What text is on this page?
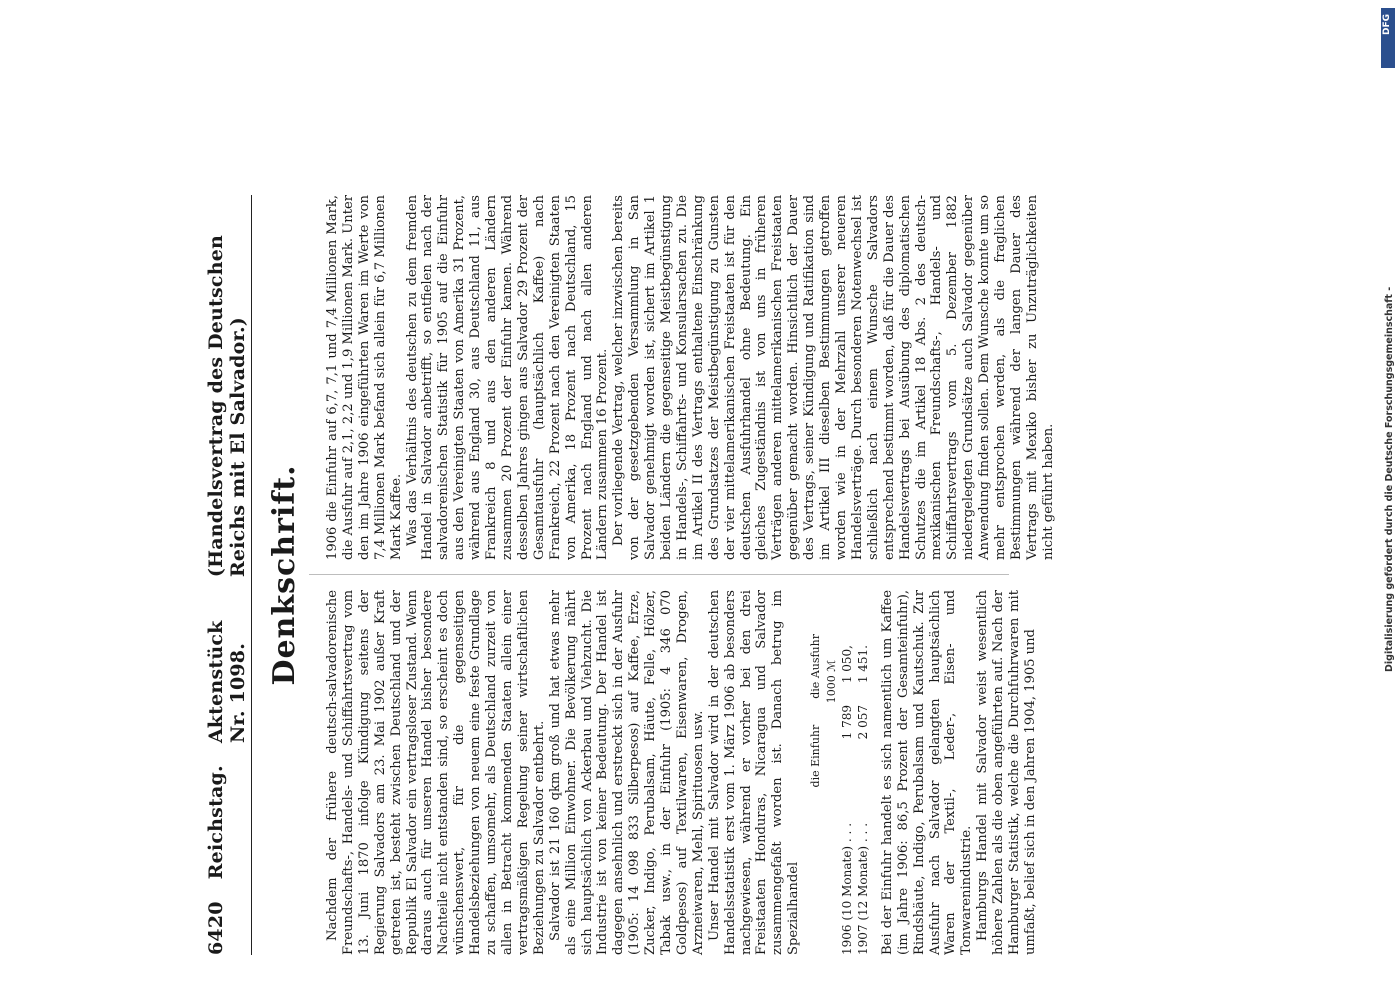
6420
Reichstag.
Aktenstück Nr. 1098.
(Handelsvertrag des Deutschen Reichs mit El Salvador.) Denkschrift.

Nachdem der frühere deutsch-salvadorenische Freundschafts-, Handels- und Schiffahrtsvertrag vom 13. Juni 1870 infolge Kündigung seitens der Regierung Salvadors am 23. Mai 1902 außer Kraft getreten ist, besteht zwischen Deutschland und der Republik El Salvador ein vertragsloser Zustand. Wenn daraus auch für unseren Handel bisher besondere Nachteile nicht entstanden sind, so erscheint es doch wünschenswert, für die gegenseitigen Handelsbeziehungen von neuem eine feste Grundlage zu schaffen, umsomehr, als Deutschland zurzeit von allen in Betracht kommenden Staaten allein einer vertragsmäßigen Regelung seiner wirtschaftlichen Beziehungen zu Salvador entbehrt. Salvador ist 21 160 qkm groß und hat etwas mehr als eine Million Einwohner. Die Bevölkerung nährt sich hauptsächlich von Ackerbau und Viehzucht. Die Industrie ist von keiner Bedeutung. Der Handel ist dagegen ansehnlich und erstreckt sich in der Ausfuhr (1905: 14 098 833 Silberpesos) auf Kaffee, Erze, Zucker, Indigo, Perubalsam, Häute, Felle, Hölzer, Tabak usw., in der Einfuhr (1905: 4 346 070 Goldpesos) auf Textilwaren, Eisenwaren, Drogen, Arzneiwaren, Mehl, Spirituosen usw. Unser Handel mit Salvador wird in der deutschen Handelsstatistik erst vom 1. März 1906 ab besonders nachgewiesen, während er vorher bei den drei Freistaaten Honduras, Nicaragua und Salvador zusammengefaßt worden ist. Danach betrug im Spezialhandel

die Einfuhr
die Ausfuhr 1000 ℳ
1906 (10 Monate) . . .
1 789
1 050,
1907 (12 Monate) . . .
2 057
1 451. Bei der Einfuhr handelt es sich namentlich um Kaffee (im Jahre 1906: 86,5 Prozent der Gesamteinfuhr), Rindshäute, Indigo, Perubalsam und Kautschuk. Zur Ausfuhr nach Salvador gelangten hauptsächlich Waren der Textil-, Leder-, Eisen- und Tonwarenindustrie. Hamburgs Handel mit Salvador weist wesentlich höhere Zahlen als die oben angeführten auf. Nach der Hamburger Statistik, welche die Durchfuhrwaren mit umfaßt, belief sich in den Jahren 1904, 1905 und

1906 die Einfuhr auf 6,7, 7,1 und 7,4 Millionen Mark, die Ausfuhr auf 2,1, 2,2 und 1,9 Millionen Mark. Unter den im Jahre 1906 eingeführten Waren im Werte von 7,4 Millionen Mark befand sich allein für 6,7 Millionen Mark Kaffee. Was das Verhältnis des deutschen zu dem fremden Handel in Salvador anbetrifft, so entfielen nach der salvadorenischen Statistik für 1905 auf die Einfuhr aus den Vereinigten Staaten von Amerika 31 Prozent, während aus England 30, aus Deutschland 11, aus Frankreich 8 und aus den anderen Ländern zusammen 20 Prozent der Einfuhr kamen. Während desselben Jahres gingen aus Salvador 29 Prozent der Gesamtausfuhr (hauptsächlich Kaffee) nach Frankreich, 22 Prozent nach den Vereinigten Staaten von Amerika, 18 Prozent nach Deutschland, 15 Prozent nach England und nach allen anderen Ländern zusammen 16 Prozent. Der vorliegende Vertrag, welcher inzwischen bereits von der gesetzgebenden Versammlung in San Salvador genehmigt worden ist, sichert im Artikel 1 beiden Ländern die gegenseitige Meistbegünstigung in Handels-, Schiffahrts- und Konsularsachen zu. Die im Artikel II des Vertrags enthaltene Einschränkung des Grundsatzes der Meistbegünstigung zu Gunsten der vier mittelamerikanischen Freistaaten ist für den deutschen Ausfuhrhandel ohne Bedeutung. Ein gleiches Zugeständnis ist von uns in früheren Verträgen anderen mittelamerikanischen Freistaaten gegenüber gemacht worden. Hinsichtlich der Dauer des Vertrags, seiner Kündigung und Ratifikation sind im Artikel III dieselben Bestimmungen getroffen worden wie in der Mehrzahl unserer neueren Handelsverträge. Durch besonderen Notenwechsel ist schließlich nach einem Wunsche Salvadors entsprechend bestimmt worden, daß für die Dauer des Handelsvertrags bei Ausübung des diplomatischen Schutzes die im Artikel 18 Abs. 2 des deutsch-mexikanischen Freundschafts-, Handels- und Schiffahrtsvertrags vom 5. Dezember 1882 niedergelegten Grundsätze auch Salvador gegenüber Anwendung finden sollen. Dem Wunsche konnte um so mehr entsprochen werden, als die fraglichen Bestimmungen während der langen Dauer des Vertrags mit Mexiko bisher zu Unzuträglichkeiten nicht geführt haben.

DFG
Digitalisierung gefördert durch die Deutsche Forschungsgemeinschaft -
